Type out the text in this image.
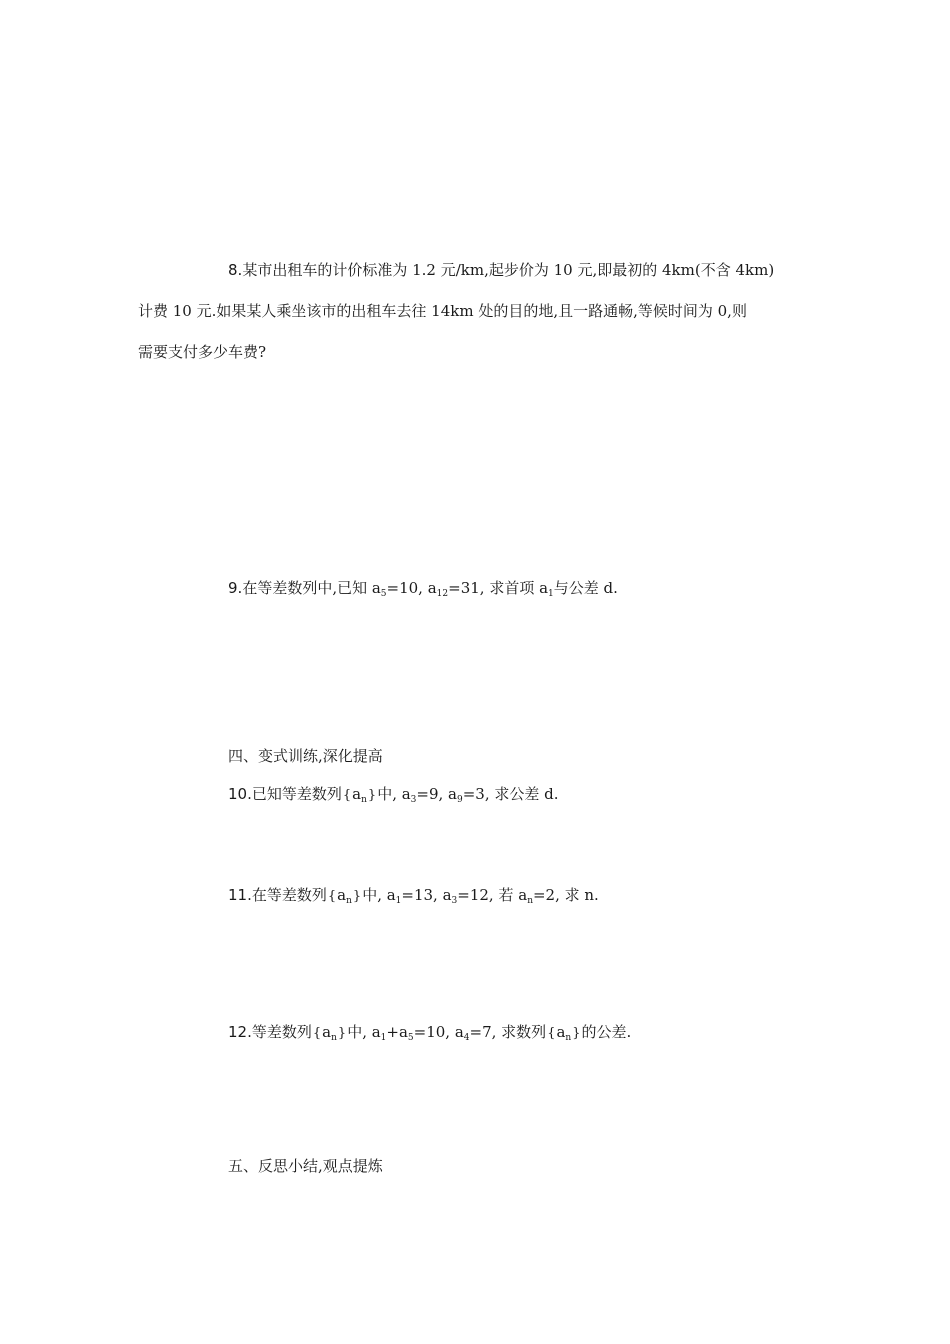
8.某市出租车的计价标准为 1.2 元/km,起步价为 10 元,即最初的 4km(不含 4km)
计费 10 元.如果某人乘坐该市的出租车去往 14km 处的目的地,且一路通畅,等候时间为 0,则
需要支付多少车费?
9.在等差数列中,已知 $a_5=10$, $a_{12}=31$, 求首项 $a_1$与公差 d.
四、变式训练,深化提高
10.已知等差数列$\{a_n\}$中, $a_3=9$, $a_9=3$, 求公差 d.
11.在等差数列$\{a_n\}$中, $a_1=13$, $a_3=12$, 若 $a_n=2$, 求 n.
12.等差数列$\{a_n\}$中, $a_1+a_5=10$, $a_4=7$, 求数列$\{a_n\}$的公差.
五、反思小结,观点提炼
